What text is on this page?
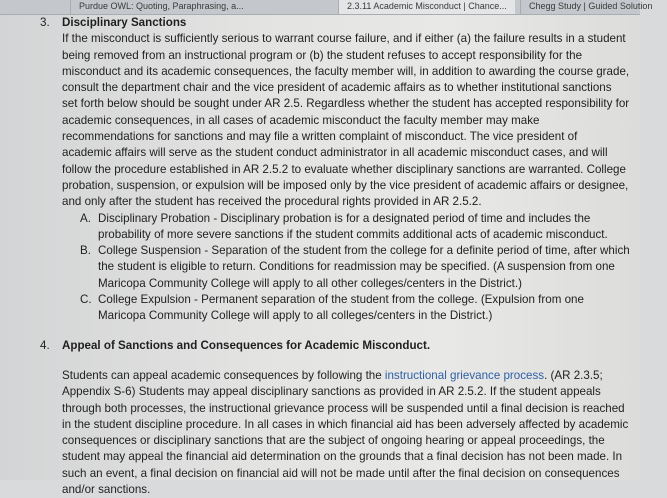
Purdue OWL: Quoting, Paraphrasing, a...	2.3.11 Academic Misconduct | Chance...	Chegg Study | Guided Solution
3. Disciplinary Sanctions

If the misconduct is sufficiently serious to warrant course failure, and if either (a) the failure results in a student being removed from an instructional program or (b) the student refuses to accept responsibility for the misconduct and its academic consequences, the faculty member will, in addition to awarding the course grade, consult the department chair and the vice president of academic affairs as to whether institutional sanctions set forth below should be sought under AR 2.5. Regardless whether the student has accepted responsibility for academic consequences, in all cases of academic misconduct the faculty member may make recommendations for sanctions and may file a written complaint of misconduct. The vice president of academic affairs will serve as the student conduct administrator in all academic misconduct cases, and will follow the procedure established in AR 2.5.2 to evaluate whether disciplinary sanctions are warranted. College probation, suspension, or expulsion will be imposed only by the vice president of academic affairs or designee, and only after the student has received the procedural rights provided in AR 2.5.2.

A. Disciplinary Probation - Disciplinary probation is for a designated period of time and includes the probability of more severe sanctions if the student commits additional acts of academic misconduct.
B. College Suspension - Separation of the student from the college for a definite period of time, after which the student is eligible to return. Conditions for readmission may be specified. (A suspension from one Maricopa Community College will apply to all other colleges/centers in the District.)
C. College Expulsion - Permanent separation of the student from the college. (Expulsion from one Maricopa Community College will apply to all colleges/centers in the District.)
4. Appeal of Sanctions and Consequences for Academic Misconduct.

Students can appeal academic consequences by following the instructional grievance process. (AR 2.3.5; Appendix S-6) Students may appeal disciplinary sanctions as provided in AR 2.5.2. If the student appeals through both processes, the instructional grievance process will be suspended until a final decision is reached in the student discipline procedure. In all cases in which financial aid has been adversely affected by academic consequences or disciplinary sanctions that are the subject of ongoing hearing or appeal proceedings, the student may appeal the financial aid determination on the grounds that a final decision has not been made. In such an event, a final decision on financial aid will not be made until after the final decision on consequences and/or sanctions.
